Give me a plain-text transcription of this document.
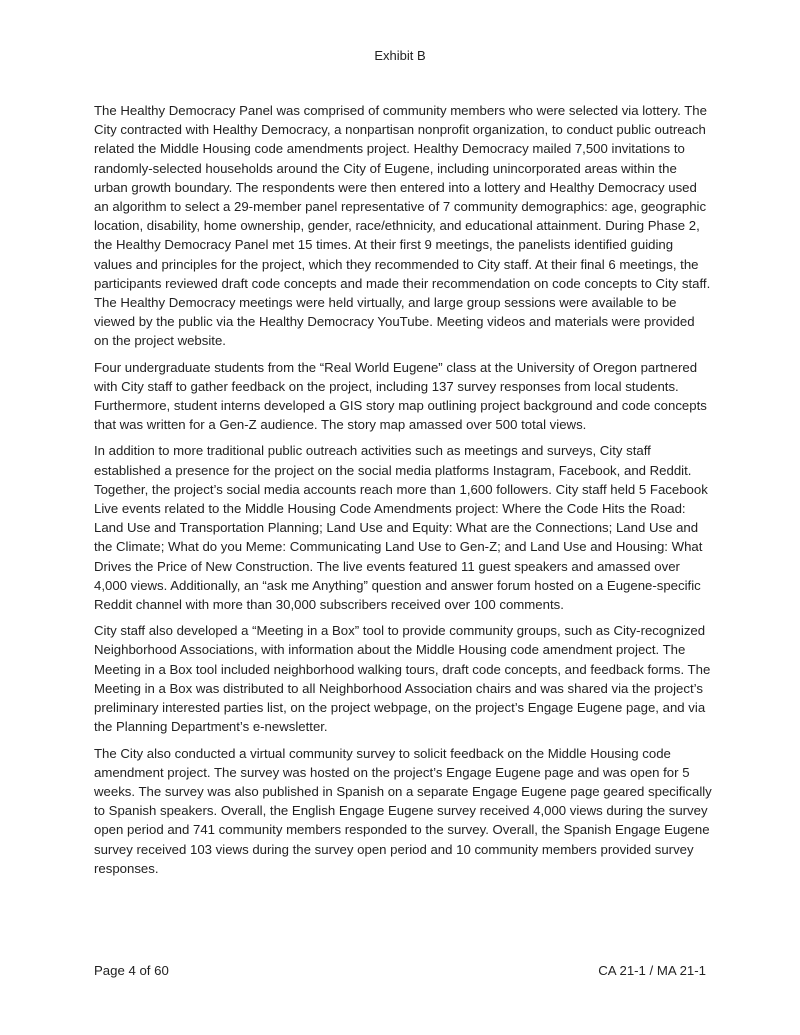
Exhibit B

The Healthy Democracy Panel was comprised of community members who were selected via lottery. The City contracted with Healthy Democracy, a nonpartisan nonprofit organization, to conduct public outreach related the Middle Housing code amendments project. Healthy Democracy mailed 7,500 invitations to randomly-selected households around the City of Eugene, including unincorporated areas within the urban growth boundary. The respondents were then entered into a lottery and Healthy Democracy used an algorithm to select a 29-member panel representative of 7 community demographics: age, geographic location, disability, home ownership, gender, race/ethnicity, and educational attainment. During Phase 2, the Healthy Democracy Panel met 15 times. At their first 9 meetings, the panelists identified guiding values and principles for the project, which they recommended to City staff. At their final 6 meetings, the participants reviewed draft code concepts and made their recommendation on code concepts to City staff. The Healthy Democracy meetings were held virtually, and large group sessions were available to be viewed by the public via the Healthy Democracy YouTube. Meeting videos and materials were provided on the project website.

Four undergraduate students from the “Real World Eugene” class at the University of Oregon partnered with City staff to gather feedback on the project, including 137 survey responses from local students. Furthermore, student interns developed a GIS story map outlining project background and code concepts that was written for a Gen-Z audience. The story map amassed over 500 total views.

In addition to more traditional public outreach activities such as meetings and surveys, City staff established a presence for the project on the social media platforms Instagram, Facebook, and Reddit. Together, the project’s social media accounts reach more than 1,600 followers. City staff held 5 Facebook Live events related to the Middle Housing Code Amendments project: Where the Code Hits the Road: Land Use and Transportation Planning; Land Use and Equity: What are the Connections; Land Use and the Climate; What do you Meme: Communicating Land Use to Gen-Z; and Land Use and Housing: What Drives the Price of New Construction. The live events featured 11 guest speakers and amassed over 4,000 views. Additionally, an “ask me Anything” question and answer forum hosted on a Eugene-specific Reddit channel with more than 30,000 subscribers received over 100 comments.

City staff also developed a “Meeting in a Box” tool to provide community groups, such as City-recognized Neighborhood Associations, with information about the Middle Housing code amendment project. The Meeting in a Box tool included neighborhood walking tours, draft code concepts, and feedback forms. The Meeting in a Box was distributed to all Neighborhood Association chairs and was shared via the project’s preliminary interested parties list, on the project webpage, on the project’s Engage Eugene page, and via the Planning Department’s e-newsletter.

The City also conducted a virtual community survey to solicit feedback on the Middle Housing code amendment project. The survey was hosted on the project’s Engage Eugene page and was open for 5 weeks. The survey was also published in Spanish on a separate Engage Eugene page geared specifically to Spanish speakers. Overall, the English Engage Eugene survey received 4,000 views during the survey open period and 741 community members responded to the survey. Overall, the Spanish Engage Eugene survey received 103 views during the survey open period and 10 community members provided survey responses.

Page 4 of 60	CA 21-1 / MA 21-1
